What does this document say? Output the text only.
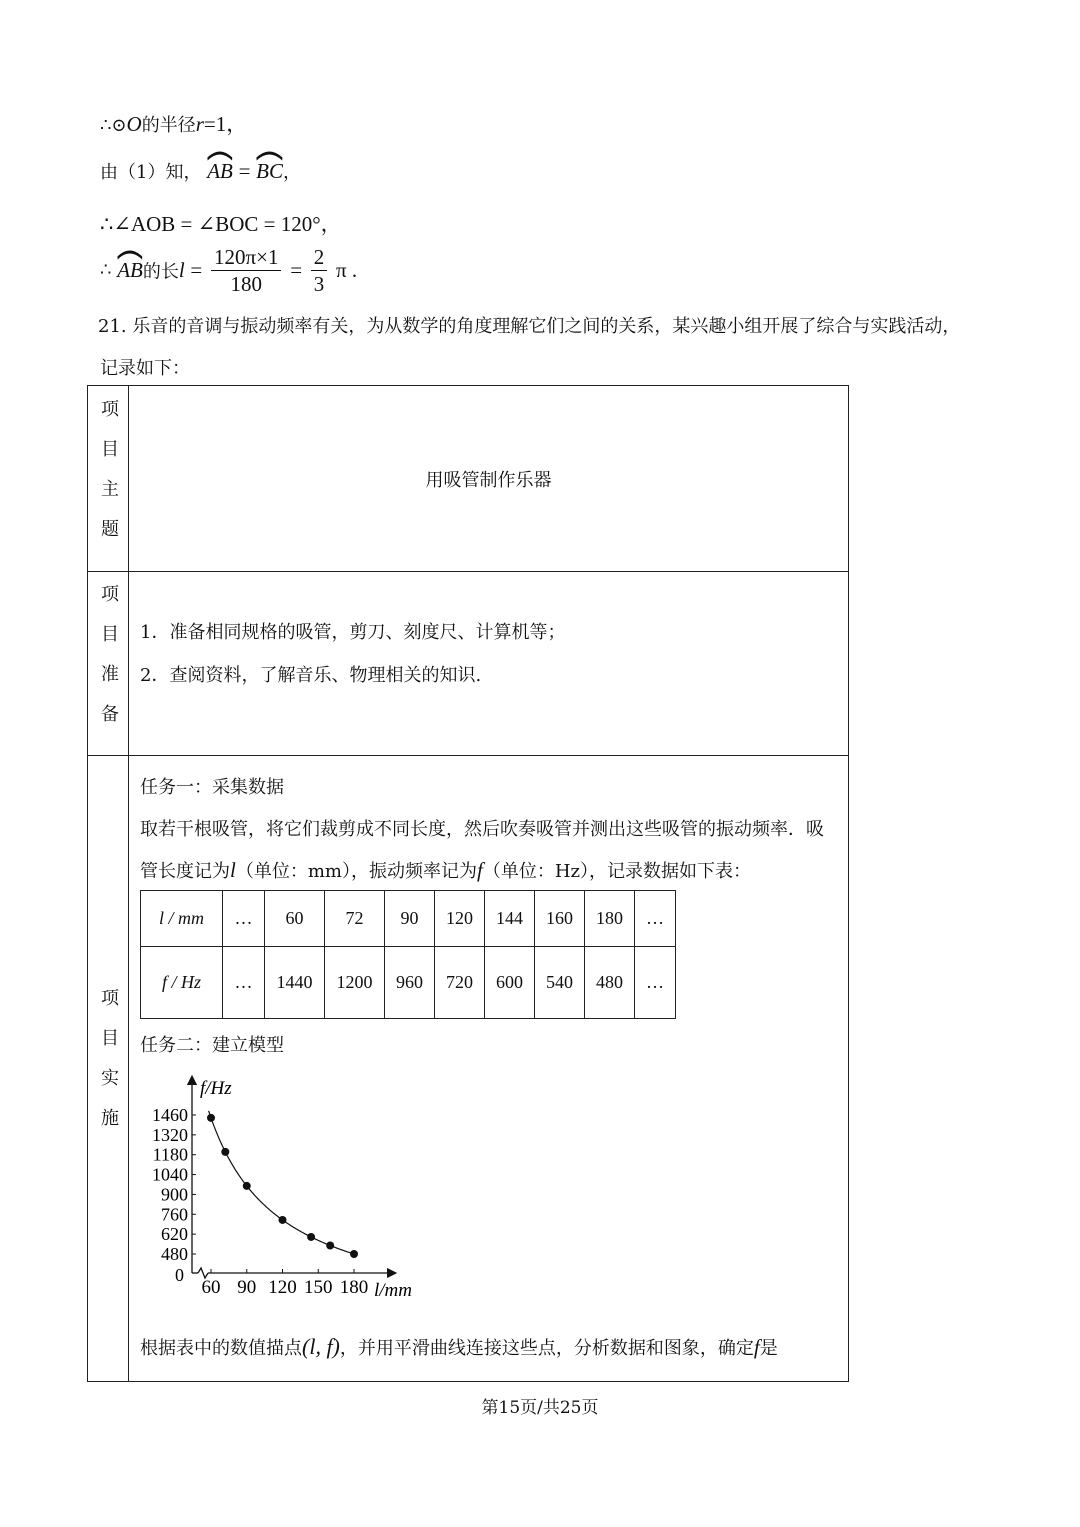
∴⊙O的半径r=1，
由（1）知， AB = BC，
∴∠AOB = ∠BOC = 120°，
∴ AB的长$l = \frac{120\pi\times 1}{180} = \frac{2}{3}$ π .
21. 乐音的音调与振动频率有关，为从数学的角度理解它们之间的关系，某兴趣小组开展了综合与实践活动，
记录如下：
项目主题	用吸管制作乐器
项目准备 1．准备相同规格的吸管，剪刀、刻度尺、计算机等；
2．查阅资料，了解音乐、物理相关的知识.
项目实施
任务一：采集数据
取若干根吸管，将它们裁剪成不同长度，然后吹奏吸管并测出这些吸管的振动频率．吸
管长度记为l（单位：mm），振动频率记为f（单位：Hz），记录数据如下表：
l / mm	…	60	72	90	120	144	160	180	…
f / Hz	…	1440	1200	960	720	600	540	480	…
任务二：建立模型
60 90 120 150 180
480
620
760
900
1040
1180
1320
1460
f/Hz
l/mm
0
根据表中的数值描点(l, f)，并用平滑曲线连接这些点，分析数据和图象，确定f是
第15页/共25页
